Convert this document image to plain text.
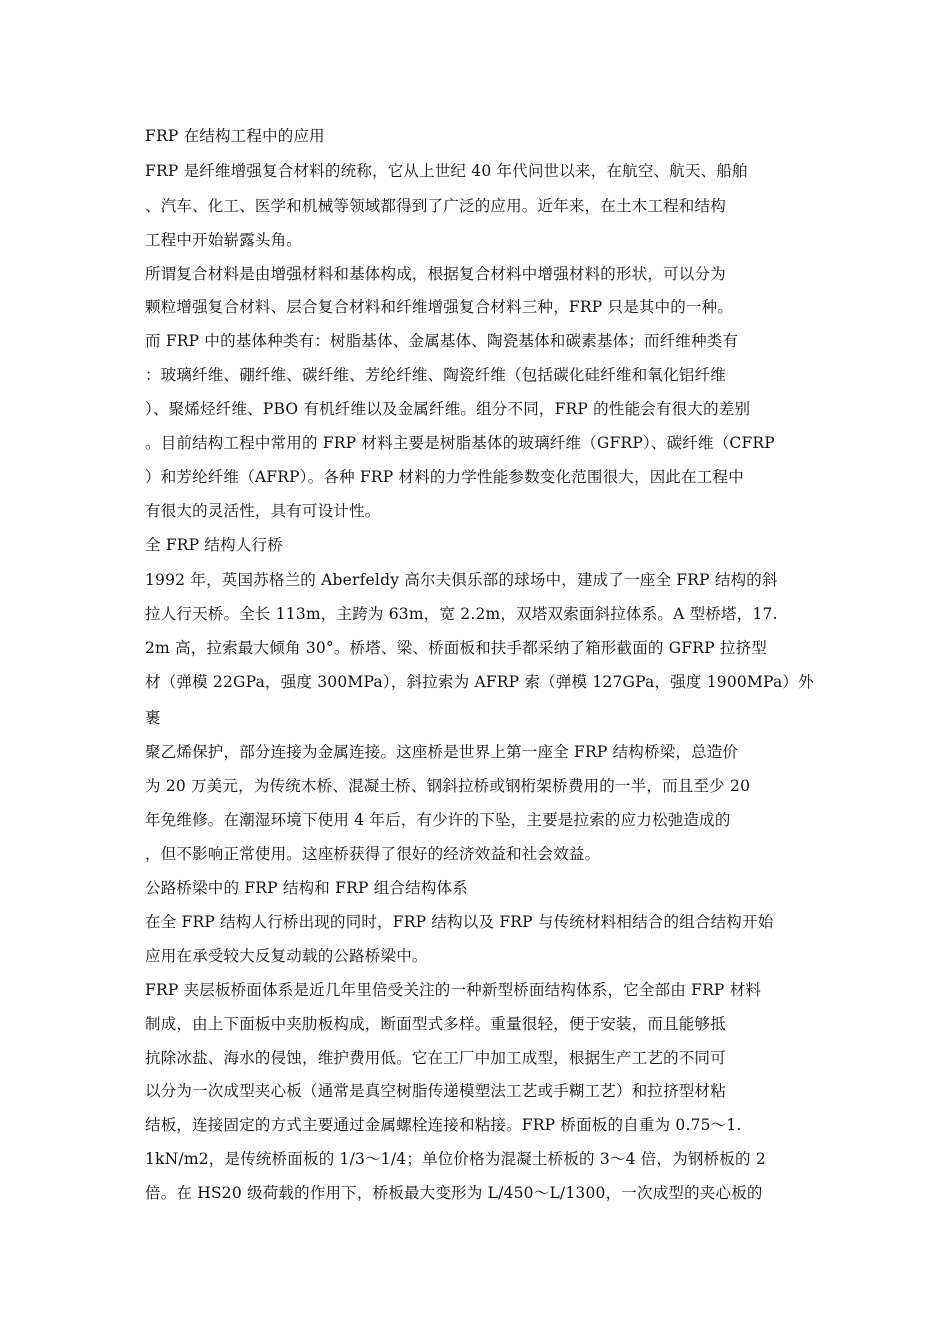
FRP 在结构工程中的应用
FRP 是纤维增强复合材料的统称，它从上世纪 40 年代问世以来，在航空、航天、船舶
、汽车、化工、医学和机械等领域都得到了广泛的应用。近年来，在土木工程和结构
工程中开始崭露头角。
所谓复合材料是由增强材料和基体构成，根据复合材料中增强材料的形状，可以分为
颗粒增强复合材料、层合复合材料和纤维增强复合材料三种，FRP 只是其中的一种。
而 FRP 中的基体种类有：树脂基体、金属基体、陶瓷基体和碳素基体；而纤维种类有
：玻璃纤维、硼纤维、碳纤维、芳纶纤维、陶瓷纤维（包括碳化硅纤维和氧化铝纤维
）、聚烯烃纤维、PBO 有机纤维以及金属纤维。组分不同，FRP 的性能会有很大的差别
。目前结构工程中常用的 FRP 材料主要是树脂基体的玻璃纤维（GFRP）、碳纤维（CFRP
）和芳纶纤维（AFRP）。各种 FRP 材料的力学性能参数变化范围很大，因此在工程中
有很大的灵活性，具有可设计性。
全 FRP 结构人行桥
1992 年，英国苏格兰的 Aberfeldy 高尔夫俱乐部的球场中，建成了一座全 FRP 结构的斜
拉人行天桥。全长 113m，主跨为 63m，宽 2.2m，双塔双索面斜拉体系。A 型桥塔，17.
2m 高，拉索最大倾角 30°。桥塔、梁、桥面板和扶手都采纳了箱形截面的 GFRP 拉挤型
材（弹模 22GPa，强度 300MPa），斜拉索为 AFRP 索（弹模 127GPa，强度 1900MPa）外
裹
聚乙烯保护，部分连接为金属连接。这座桥是世界上第一座全 FRP 结构桥梁，总造价
为 20 万美元，为传统木桥、混凝土桥、钢斜拉桥或钢桁架桥费用的一半，而且至少 20
年免维修。在潮湿环境下使用 4 年后，有少许的下坠，主要是拉索的应力松弛造成的
，但不影响正常使用。这座桥获得了很好的经济效益和社会效益。
公路桥梁中的 FRP 结构和 FRP 组合结构体系
在全 FRP 结构人行桥出现的同时，FRP 结构以及 FRP 与传统材料相结合的组合结构开始
应用在承受较大反复动载的公路桥梁中。
FRP 夹层板桥面体系是近几年里倍受关注的一种新型桥面结构体系，它全部由 FRP 材料
制成，由上下面板中夹肋板构成，断面型式多样。重量很轻，便于安装，而且能够抵
抗除冰盐、海水的侵蚀，维护费用低。它在工厂中加工成型，根据生产工艺的不同可
以分为一次成型夹心板（通常是真空树脂传递模塑法工艺或手糊工艺）和拉挤型材粘
结板，连接固定的方式主要通过金属螺栓连接和粘接。FRP 桥面板的自重为 0.75～1.
1kN/m2，是传统桥面板的 1/3～1/4；单位价格为混凝土桥板的 3～4 倍，为钢桥板的 2
倍。在 HS20 级荷载的作用下，桥板最大变形为 L/450～L/1300，一次成型的夹心板的
